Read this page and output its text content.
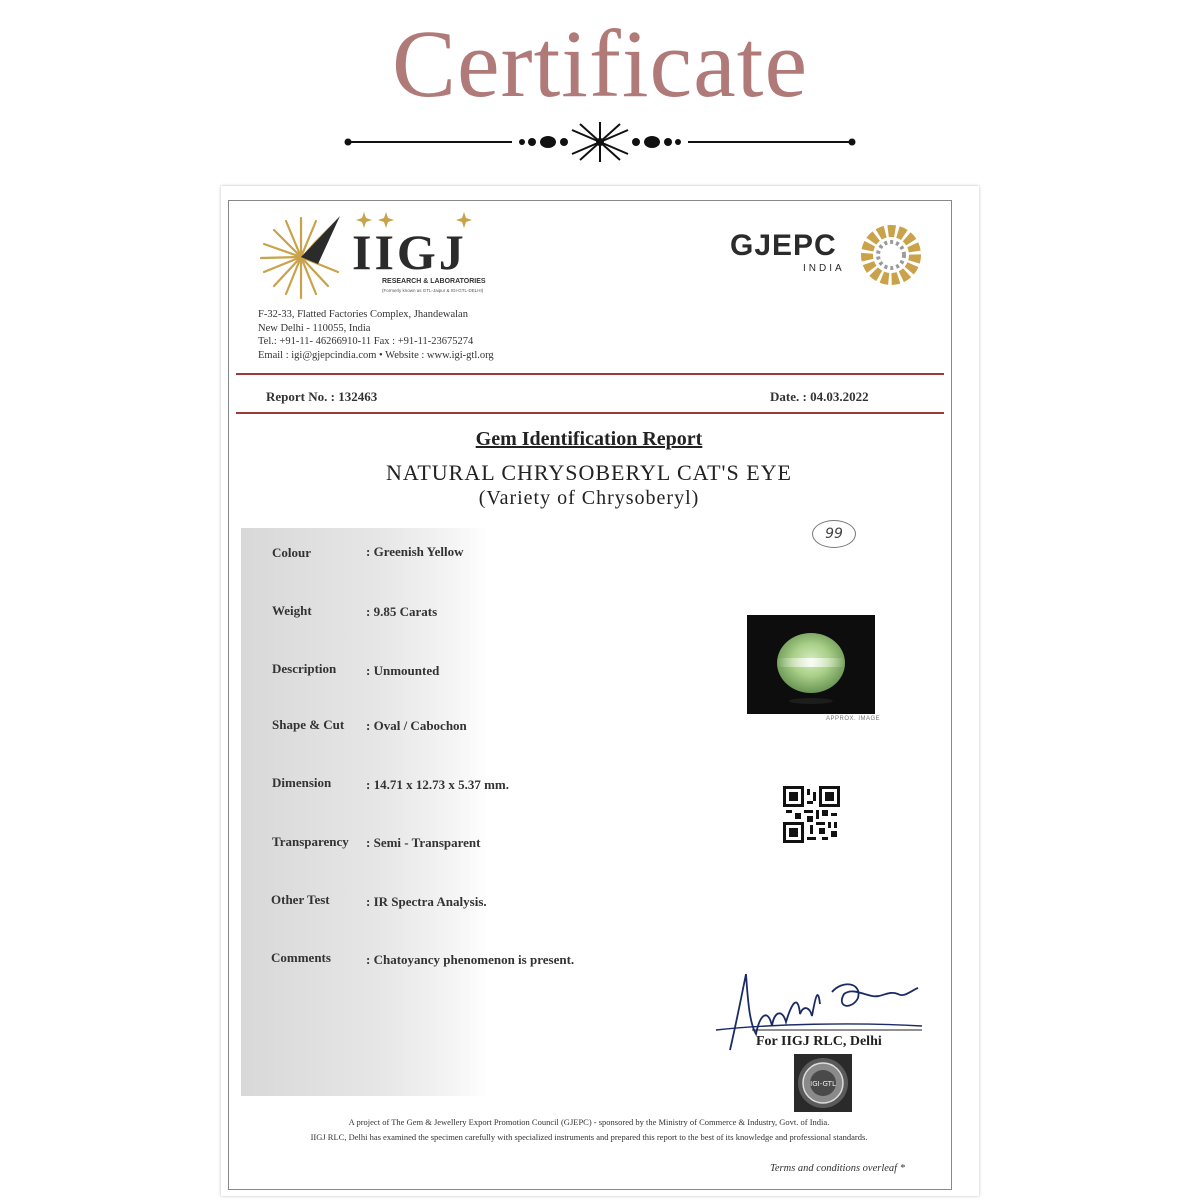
Certificate
IIGJ
RESEARCH & LABORATORIES
(Formerly known as GTL-Jaipur & IGI-GTL-DELHI)
F-32-33, Flatted Factories Complex, Jhandewalan
New Delhi - 110055, India
Tel.: +91-11- 46266910-11 Fax : +91-11-23675274
Email : igi@gjepcindia.com • Website : www.igi-gtl.org
GJEPC
INDIA
Report No. : 132463	Date. : 04.03.2022
Gem Identification Report
NATURAL CHRYSOBERYL CAT'S EYE
(Variety of Chrysoberyl)
99
Colour	: Greenish Yellow
Weight	: 9.85 Carats
Description : Unmounted
Shape & Cut : Oval / Cabochon
Dimension	: 14.71 x 12.73 x 5.37 mm.
Transparency : Semi - Transparent
Other Test	: IR Spectra Analysis.
Comments	: Chatoyancy phenomenon is present.
APPROX. IMAGE
For IIGJ RLC, Delhi
IGI-GTL
A project of The Gem & Jewellery Export Promotion Council (GJEPC) - sponsored by the Ministry of Commerce & Industry, Govt. of India.
IIGJ RLC, Delhi has examined the specimen carefully with specialized instruments and prepared this report to the best of its knowledge and professional standards.
Terms and conditions overleaf *
